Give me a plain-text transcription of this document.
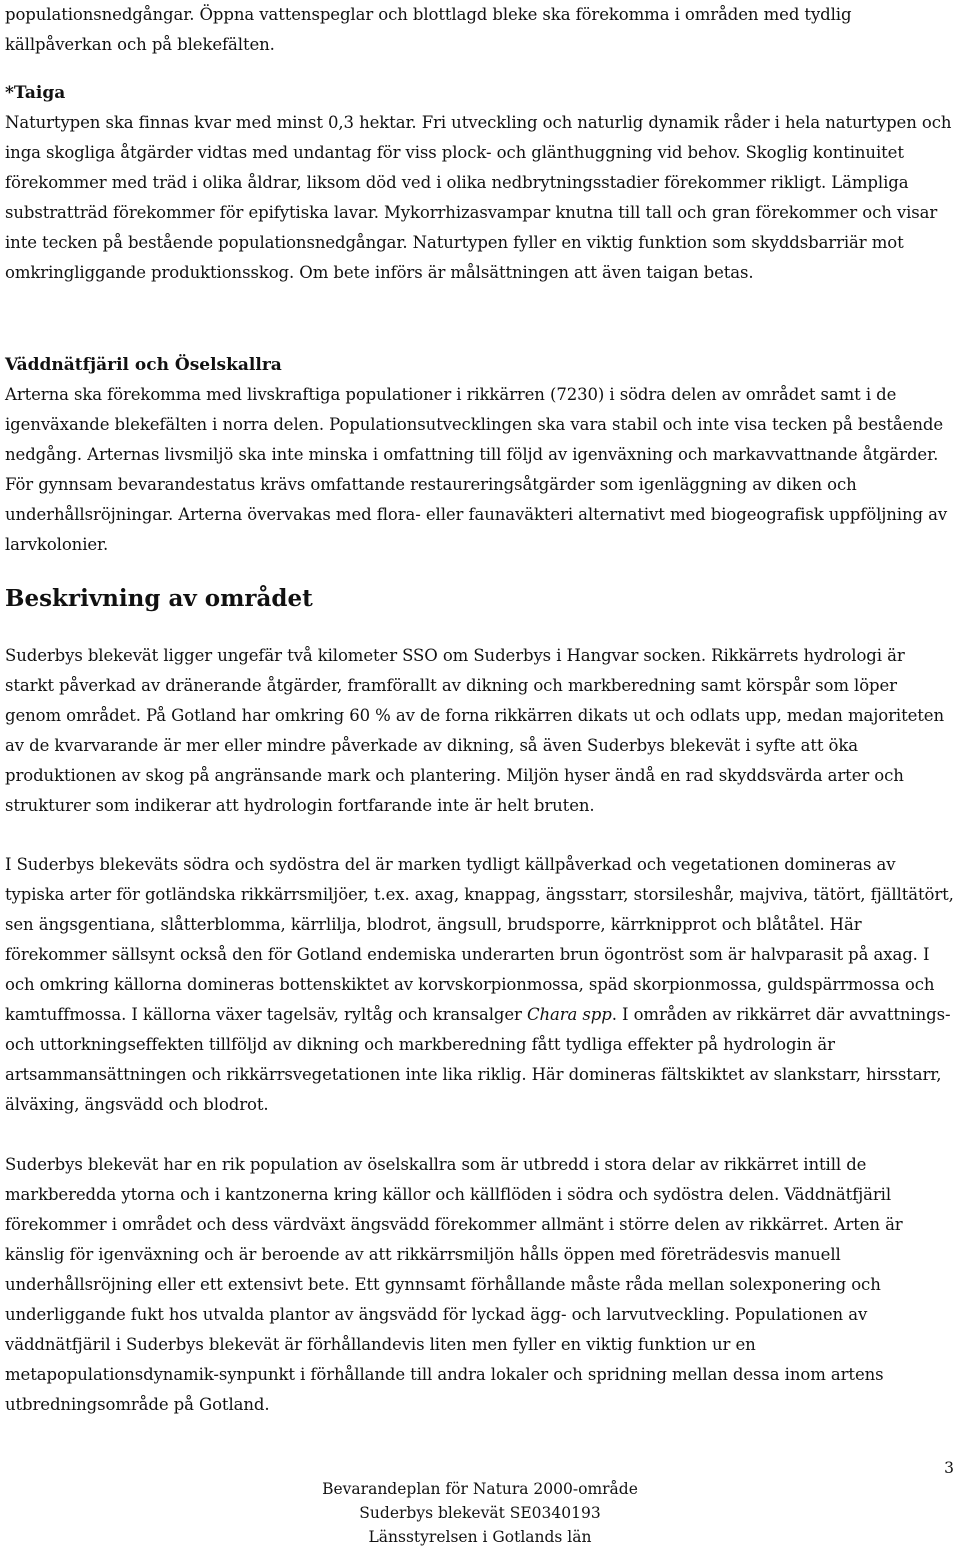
populationsnedgångar. Öppna vattenspeglar och blottlagd bleke ska förekomma i områden med tydlig

källpåverkan och på blekefälten.

*Taiga

Naturtypen ska finnas kvar med minst 0,3 hektar. Fri utveckling och naturlig dynamik råder i hela naturtypen och inga skogliga åtgärder vidtas med undantag för viss plock- och glänthuggning vid behov. Skoglig kontinuitet förekommer med träd i olika åldrar, liksom död ved i olika nedbrytningsstadier förekommer rikligt. Lämpliga substratträd förekommer för epifytiska lavar. Mykorrhizasvampar knutna till tall och gran förekommer och visar inte tecken på bestående populationsnedgångar. Naturtypen fyller en viktig funktion som skyddsbarriär mot omkringliggande produktionsskog. Om bete införs är målsättningen att även taigan betas.

Väddnätfjäril och Öselskallra

Arterna ska förekomma med livskraftiga populationer i rikkärren (7230) i södra delen av området samt i de igenväxande blekefälten i norra delen. Populationsutvecklingen ska vara stabil och inte visa tecken på bestående nedgång. Arternas livsmiljö ska inte minska i omfattning till följd av igenväxning och markavvattnande åtgärder. För gynnsam bevarandestatus krävs omfattande restaureringsåtgärder som igenläggning av diken och underhållsröjningar. Arterna övervakas med flora- eller faunaväkteri alternativt med biogeografisk uppföljning av larvkolonier.

Beskrivning av området

Suderbys blekevät ligger ungefär två kilometer SSO om Suderbys i Hangvar socken. Rikkärrets hydrologi är starkt påverkad av dränerande åtgärder, framförallt av dikning och markberedning samt körspår som löper genom området. På Gotland har omkring 60 % av de forna rikkärren dikats ut och odlats upp, medan majoriteten av de kvarvarande är mer eller mindre påverkade av dikning, så även Suderbys blekevät i syfte att öka produktionen av skog på angränsande mark och plantering. Miljön hyser ändå en rad skyddsvärda arter och strukturer som indikerar att hydrologin fortfarande inte är helt bruten.

I Suderbys blekeväts södra och sydöstra del är marken tydligt källpåverkad och vegetationen domineras av typiska arter för gotländska rikkärrsmiljöer, t.ex. axag, knappag, ängsstarr, storsileshår, majviva, tätört, fjälltätört, sen ängsgentiana, slåtterblomma, kärrlilja, blodrot, ängsull, brudsporre, kärrknipprot och blåtåtel. Här förekommer sällsynt också den för Gotland endemiska underarten brun ögontröst som är halvparasit på axag. I och omkring källorna domineras bottenskiktet av korvskorpionmossa, späd skorpionmossa, guldspärrmossa och kamtuffmossa. I källorna växer tagelsäv, ryltåg och kransalger Chara spp. I områden av rikkärret där avvattnings- och uttorkningseffekten tillföljd av dikning och markberedning fått tydliga effekter på hydrologin är artsammansättningen och rikkärrsvegetationen inte lika riklig. Här domineras fältskiktet av slankstarr, hirsstarr, älväxing, ängsvädd och blodrot.

Suderbys blekevät har en rik population av öselskallra som är utbredd i stora delar av rikkärret intill de markberedda ytorna och i kantzonerna kring källor och källflöden i södra och sydöstra delen. Väddnätfjäril förekommer i området och dess värdväxt ängsvädd förekommer allmänt i större delen av rikkärret. Arten är känslig för igenväxning och är beroende av att rikkärrsmiljön hålls öppen med företrädesvis manuell underhållsröjning eller ett extensivt bete. Ett gynnsamt förhållande måste råda mellan solexponering och underliggande fukt hos utvalda plantor av ängsvädd för lyckad ägg- och larvutveckling. Populationen av väddnätfjäril i Suderbys blekevät är förhållandevis liten men fyller en viktig funktion ur en metapopulationsdynamik-synpunkt i förhållande till andra lokaler och spridning mellan dessa inom artens utbredningsområde på Gotland.

3
Bevarandeplan för Natura 2000-område
Suderbys blekevät SE0340193
Länsstyrelsen i Gotlands län
